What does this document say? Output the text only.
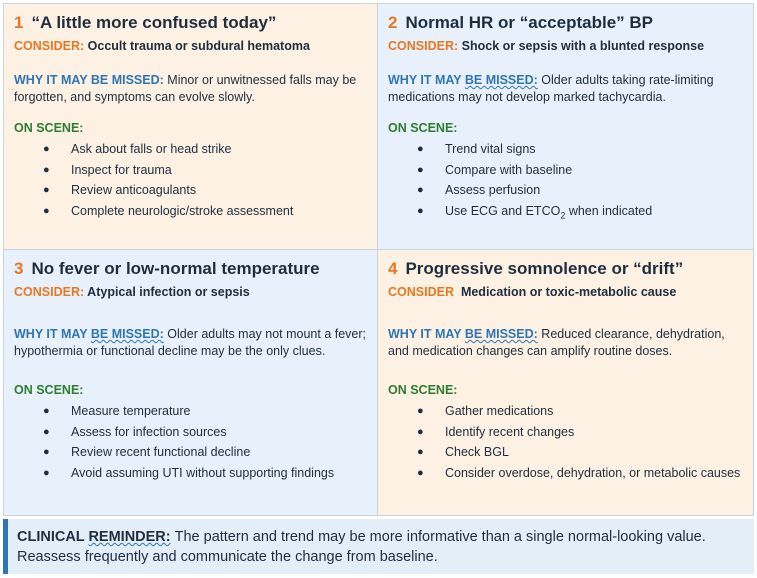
1 “A little more confused today”

CONSIDER: Occult trauma or subdural hematoma
WHY IT MAY BE MISSED: Minor or unwitnessed falls may be forgotten, and symptoms can evolve slowly.
ON SCENE:
● Ask about falls or head strike
● Inspect for trauma
● Review anticoagulants
● Complete neurologic/stroke assessment

2 Normal HR or “acceptable” BP

CONSIDER: Shock or sepsis with a blunted response
WHY IT MAY BE MISSED: Older adults taking rate-limiting medications may not develop marked tachycardia.
ON SCENE:
● Trend vital signs
● Compare with baseline
● Assess perfusion
● Use ECG and $ETCO_2$ when indicated

3 No fever or low-normal temperature

CONSIDER: Atypical infection or sepsis
WHY IT MAY BE MISSED: Older adults may not mount a fever; hypothermia or functional decline may be the only clues.
ON SCENE:
● Measure temperature
● Assess for infection sources
● Review recent functional decline
● Avoid assuming UTI without supporting findings

4 Progressive somnolence or “drift”

CONSIDER Medication or toxic-metabolic cause
WHY IT MAY BE MISSED: Reduced clearance, dehydration, and medication changes can amplify routine doses.
ON SCENE:
● Gather medications
● Identify recent changes
● Check BGL
● Consider overdose, dehydration, or metabolic causes
CLINICAL REMINDER: The pattern and trend may be more informative than a single normal-looking value. Reassess frequently and communicate the change from baseline.
